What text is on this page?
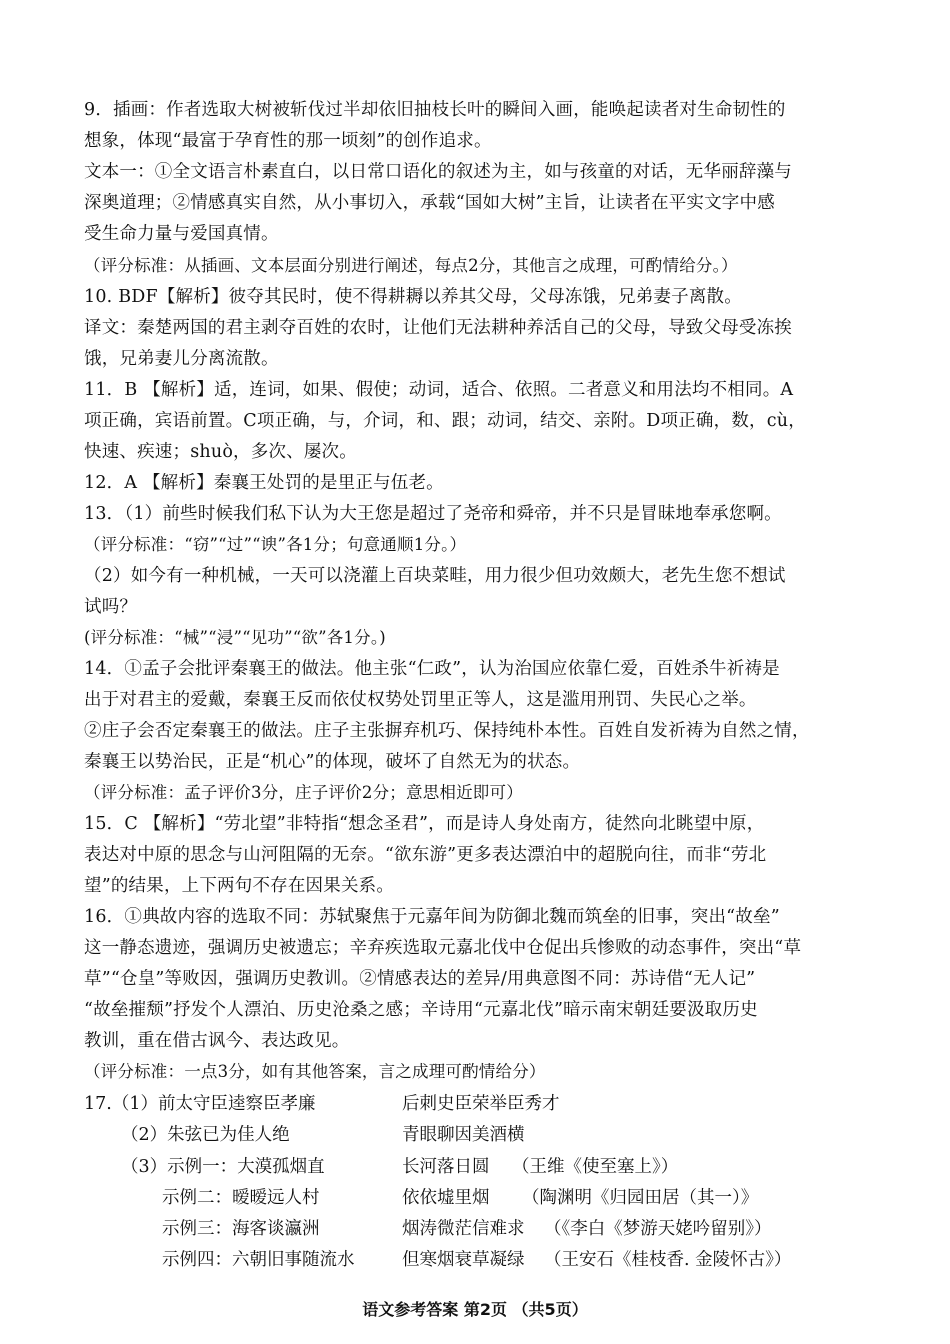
9．插画：作者选取大树被斩伐过半却依旧抽枝长叶的瞬间入画，能唤起读者对生命韧性的
想象，体现“最富于孕育性的那一顷刻”的创作追求。
文本一：①全文语言朴素直白，以日常口语化的叙述为主，如与孩童的对话，无华丽辞藻与
深奥道理；②情感真实自然，从小事切入，承载“国如大树”主旨，让读者在平实文字中感
受生命力量与爱国真情。
（评分标准：从插画、文本层面分别进行阐述，每点2分，其他言之成理，可酌情给分。）
10. BDF【解析】彼夺其民时，使不得耕耨以养其父母，父母冻饿，兄弟妻子离散。
译文：秦楚两国的君主剥夺百姓的农时，让他们无法耕种养活自己的父母，导致父母受冻挨
饿，兄弟妻儿分离流散。
11．B 【解析】适，连词，如果、假使；动词，适合、依照。二者意义和用法均不相同。A
项正确，宾语前置。C项正确，与，介词，和、跟；动词，结交、亲附。D项正确，数，cù，
快速、疾速；shuò，多次、屡次。
12．A 【解析】秦襄王处罚的是里正与伍老。
13．（1）前些时候我们私下认为大王您是超过了尧帝和舜帝，并不只是冒昧地奉承您啊。
（评分标准：“窃”“过”“谀”各1分；句意通顺1分。）
（2）如今有一种机械，一天可以浇灌上百块菜畦，用力很少但功效颇大，老先生您不想试
试吗？
(评分标准：“械”“浸”“见功”“欲”各1分。)
14．①孟子会批评秦襄王的做法。他主张“仁政”，认为治国应依靠仁爱，百姓杀牛祈祷是
出于对君主的爱戴，秦襄王反而依仗权势处罚里正等人，这是滥用刑罚、失民心之举。
②庄子会否定秦襄王的做法。庄子主张摒弃机巧、保持纯朴本性。百姓自发祈祷为自然之情，
秦襄王以势治民，正是“机心”的体现，破坏了自然无为的状态。
（评分标准：孟子评价3分，庄子评价2分；意思相近即可）
15．C 【解析】“劳北望”非特指“想念圣君”，而是诗人身处南方，徒然向北眺望中原，
表达对中原的思念与山河阻隔的无奈。“欲东游”更多表达漂泊中的超脱向往，而非“劳北
望”的结果，上下两句不存在因果关系。
16．①典故内容的选取不同：苏轼聚焦于元嘉年间为防御北魏而筑垒的旧事，突出“故垒”
这一静态遗迹，强调历史被遗忘；辛弃疾选取元嘉北伐中仓促出兵惨败的动态事件，突出“草
草”“仓皇”等败因，强调历史教训。②情感表达的差异/用典意图不同：苏诗借“无人记”
“故垒摧颓”抒发个人漂泊、历史沧桑之感；辛诗用“元嘉北伐”暗示南宋朝廷要汲取历史
教训，重在借古讽今、表达政见。
（评分标准：一点3分，如有其他答案，言之成理可酌情给分）
17.（1）前太守臣逵察臣孝廉	后刺史臣荣举臣秀才
（2）朱弦已为佳人绝	青眼聊因美酒横
（3）示例一：大漠孤烟直	长河落日圆 （王维《使至塞上》）
示例二：暧暧远人村	依依墟里烟 （陶渊明《归园田居（其一）》
示例三：海客谈瀛洲	烟涛微茫信难求 （《李白《梦游天姥吟留别》）
示例四：六朝旧事随流水	但寒烟衰草凝绿 （王安石《桂枝香. 金陵怀古》）
语文参考答案 第2页 （共5页）
